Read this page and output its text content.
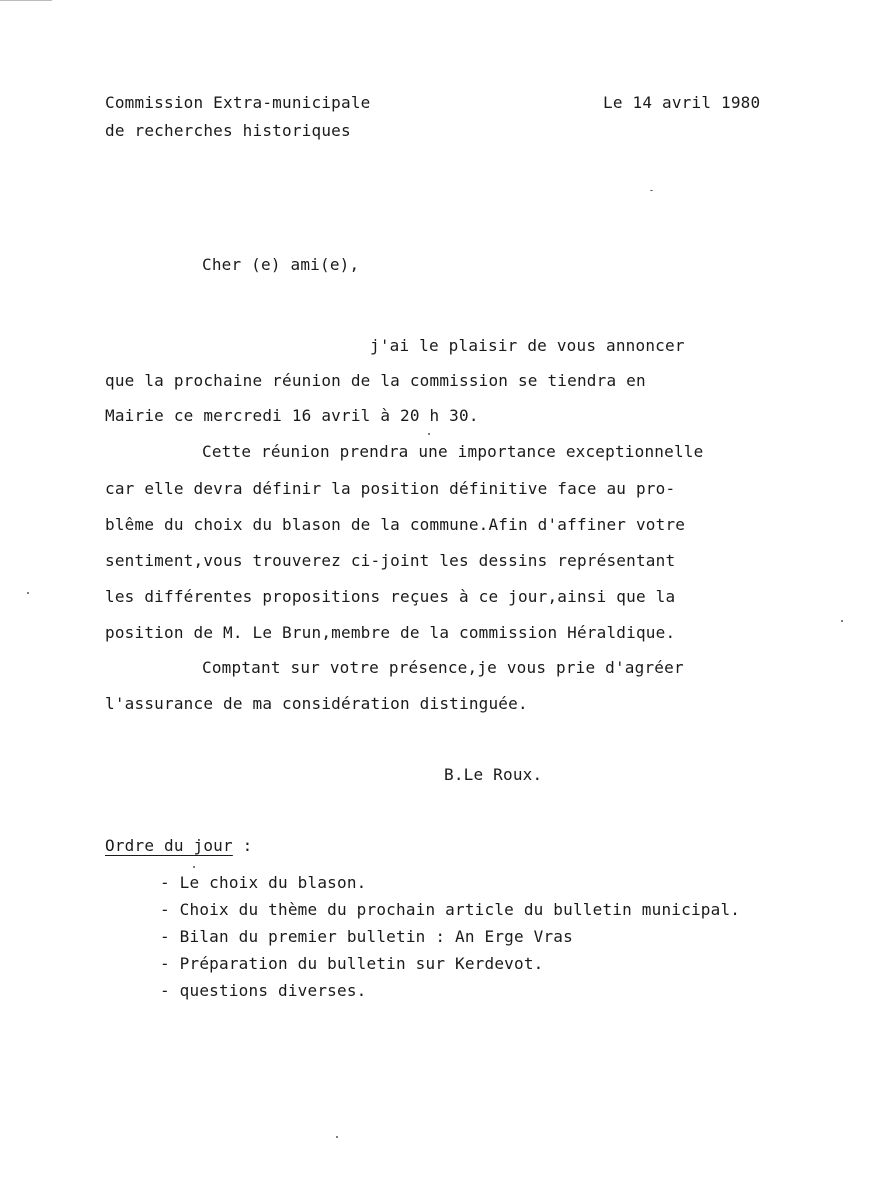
Commission Extra-municipale
de recherches historiques
Le 14 avril 1980
Cher (e) ami(e),
j'ai le plaisir de vous annoncer
que la prochaine réunion de la commission se tiendra en
Mairie ce mercredi 16 avril à 20 h 30.
Cette réunion prendra une importance exceptionnelle
car elle devra définir la position définitive face au pro-
blême du choix du blason de la commune.Afin d'affiner votre
sentiment,vous trouverez ci-joint les dessins représentant
les différentes propositions reçues à ce jour,ainsi que la
position de M. Le Brun,membre de la commission Héraldique.
Comptant sur votre présence,je vous prie d'agréer
l'assurance de ma considération distinguée.
B.Le Roux.
Ordre du jour :
- Le choix du blason.
- Choix du thème du prochain article du bulletin municipal.
- Bilan du premier bulletin : An Erge Vras
- Préparation du bulletin sur Kerdevot.
- questions diverses.
